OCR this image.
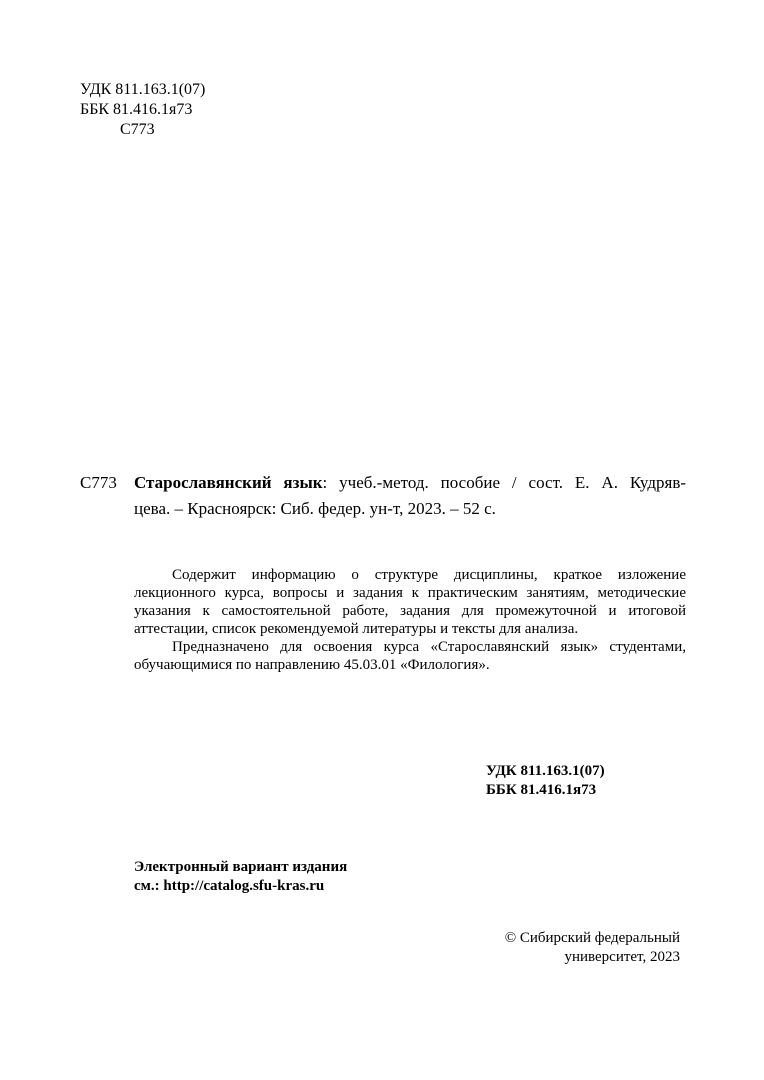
УДК 811.163.1(07)
ББК 81.416.1я73
С773
С773	Старославянский язык: учеб.-метод. пособие / сост. Е. А. Кудряв-
цева. – Красноярск: Сиб. федер. ун-т, 2023. – 52 с.

Содержит информацию о структуре дисциплины, краткое изложение лекционного курса, вопросы и задания к практическим занятиям, методические указания к самостоятельной работе, задания для промежуточной и итоговой аттестации, список рекомендуемой литературы и тексты для анализа.

Предназначено для освоения курса «Старославянский язык» студентами, обучающимися по направлению 45.03.01 «Филология».

УДК 811.163.1(07)
ББК 81.416.1я73
Электронный вариант издания
см.: http://catalog.sfu-kras.ru
© Сибирский федеральный
университет, 2023
